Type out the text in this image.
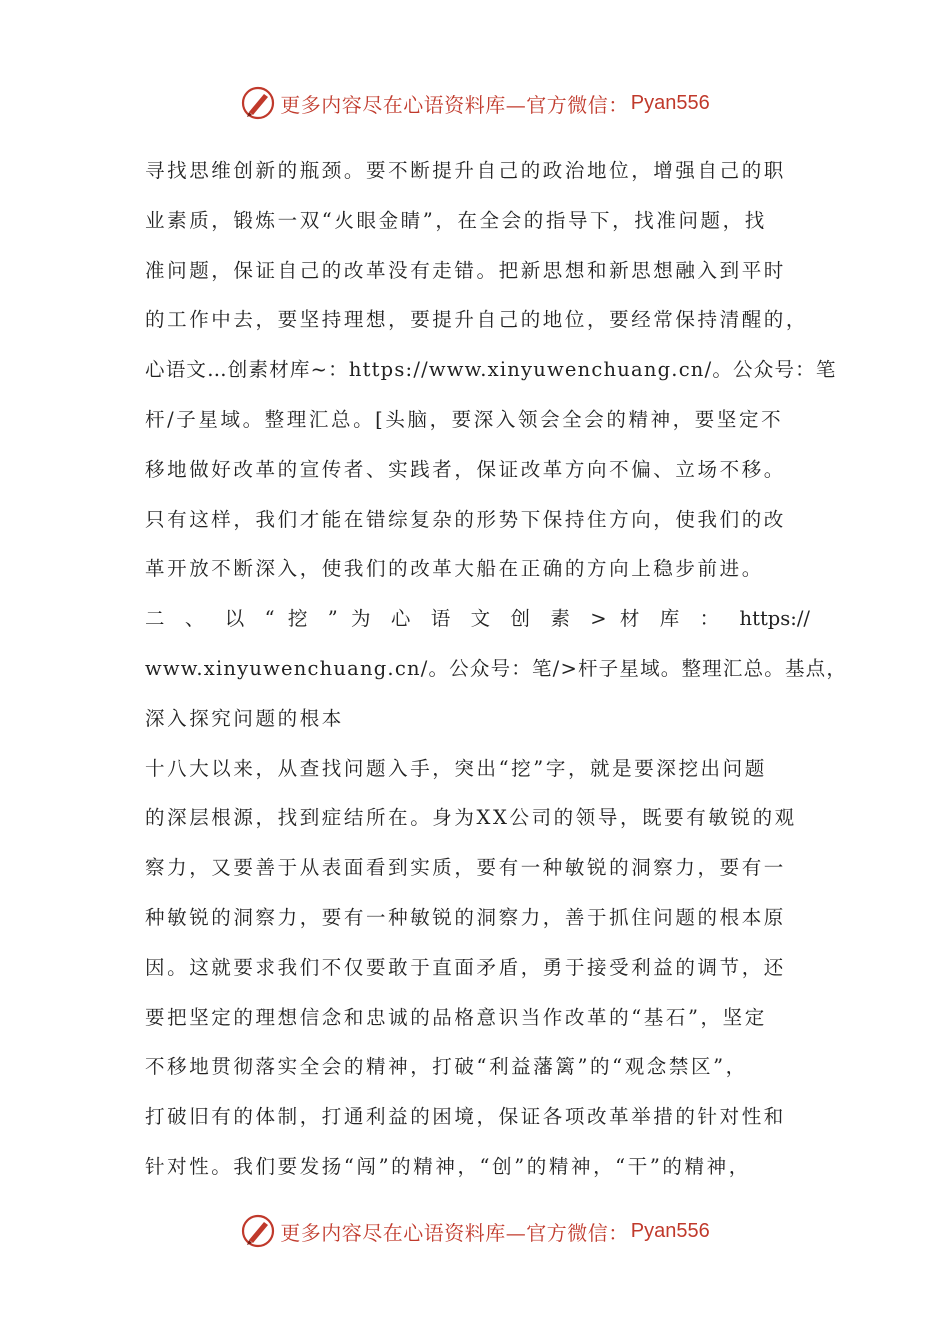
更多内容尽在心语资料库—官方微信： Pyan556
寻找思维创新的瓶颈。要不断提升自己的政治地位，增强自己的职
业素质，锻炼一双“火眼金睛”，在全会的指导下，找准问题，找
准问题，保证自己的改革没有走错。把新思想和新思想融入到平时
的工作中去，要坚持理想，要提升自己的地位，要经常保持清醒的，
心语文…创素材库~：https://www.xinyuwenchuang.cn/。公众号：笔
杆/子星域。整理汇总。[头脑，要深入领会全会的精神，要坚定不
移地做好改革的宣传者、实践者，保证改革方向不偏、立场不移。
只有这样，我们才能在错综复杂的形势下保持住方向，使我们的改
革开放不断深入，使我们的改革大船在正确的方向上稳步前进。
二 、 以 “ 挖 ” 为 心 语 文 创 素 > 材 库 ： https://
www.xinyuwenchuang.cn/。公众号：笔/>杆子星域。整理汇总。基点，
深入探究问题的根本
十八大以来，从查找问题入手，突出“挖”字，就是要深挖出问题
的深层根源，找到症结所在。身为XX公司的领导，既要有敏锐的观
察力，又要善于从表面看到实质，要有一种敏锐的洞察力，要有一
种敏锐的洞察力，要有一种敏锐的洞察力，善于抓住问题的根本原
因。这就要求我们不仅要敢于直面矛盾，勇于接受利益的调节，还
要把坚定的理想信念和忠诚的品格意识当作改革的“基石”，坚定
不移地贯彻落实全会的精神，打破“利益藩篱”的“观念禁区”，
打破旧有的体制，打通利益的困境，保证各项改革举措的针对性和
针对性。我们要发扬“闯”的精神，“创”的精神，“干”的精神，
更多内容尽在心语资料库—官方微信： Pyan556
